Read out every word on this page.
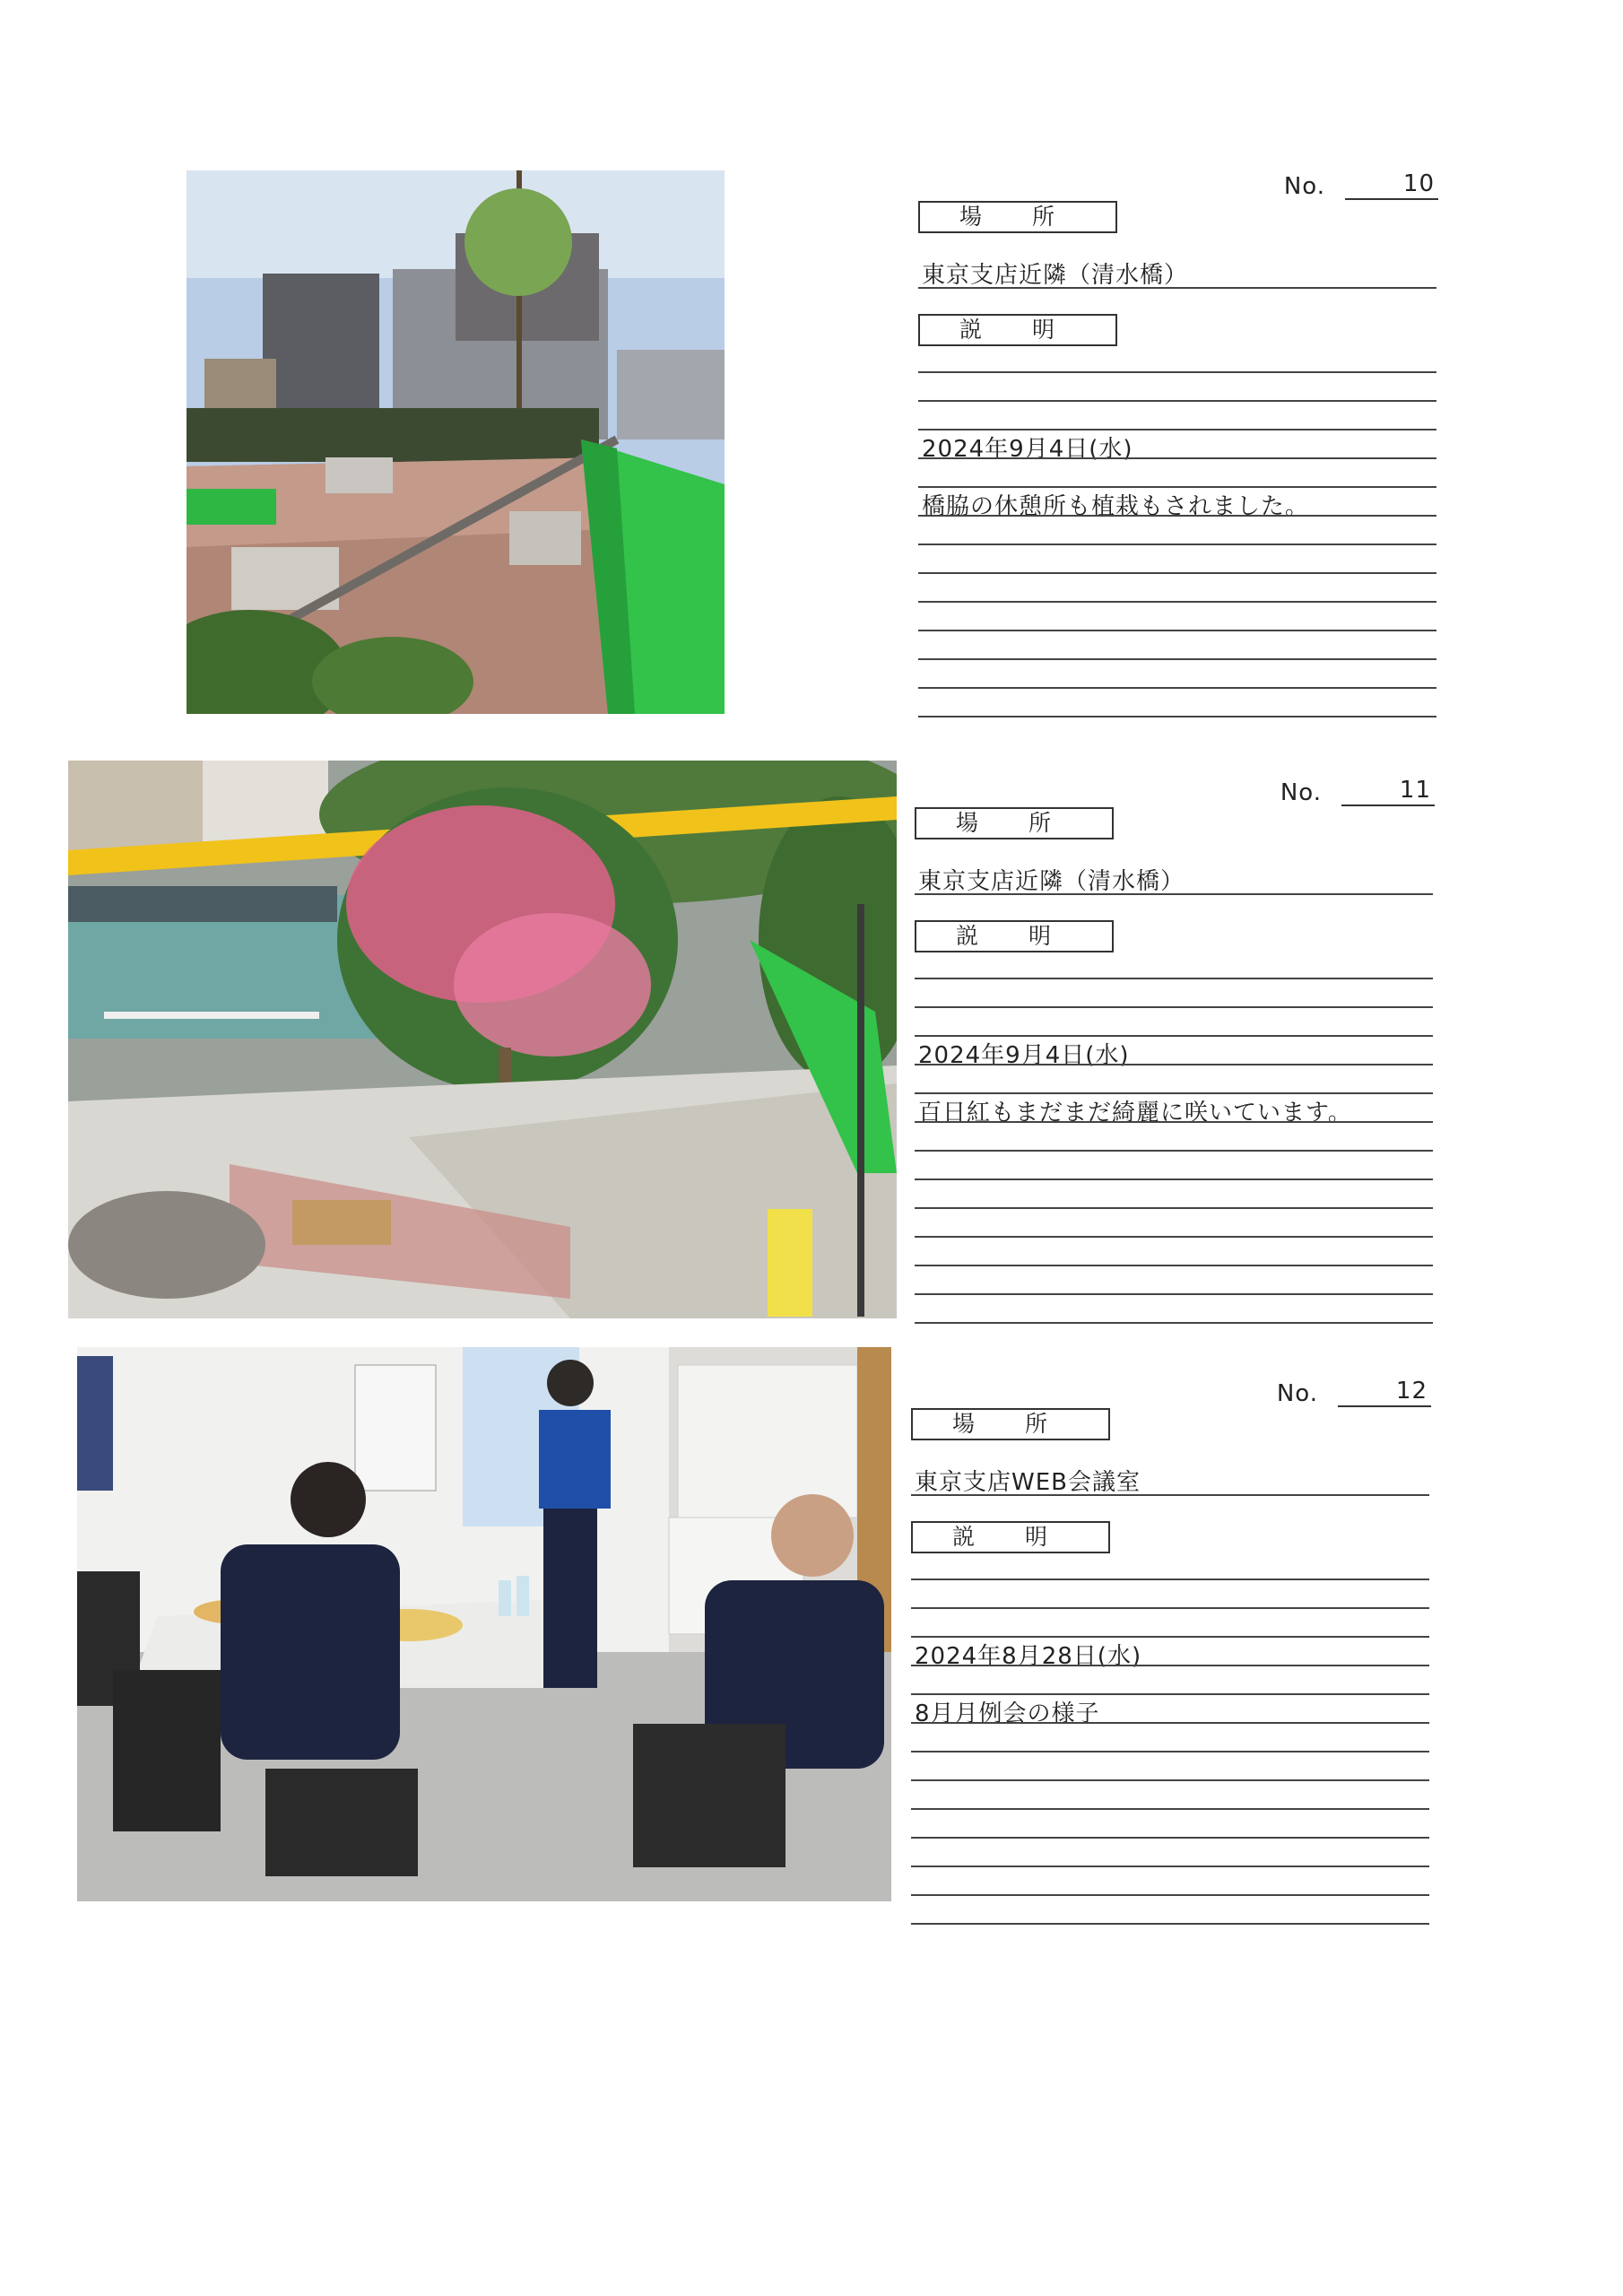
No.	10
場 所
東京支店近隣（清水橋）
説 明
2024年9月4日(水)
橋脇の休憩所も植栽もされました。
No.	11
場 所
東京支店近隣（清水橋）
説 明
2024年9月4日(水)
百日紅もまだまだ綺麗に咲いています。
No.	12
場 所
東京支店WEB会議室
説 明
2024年8月28日(水)
8月月例会の様子
